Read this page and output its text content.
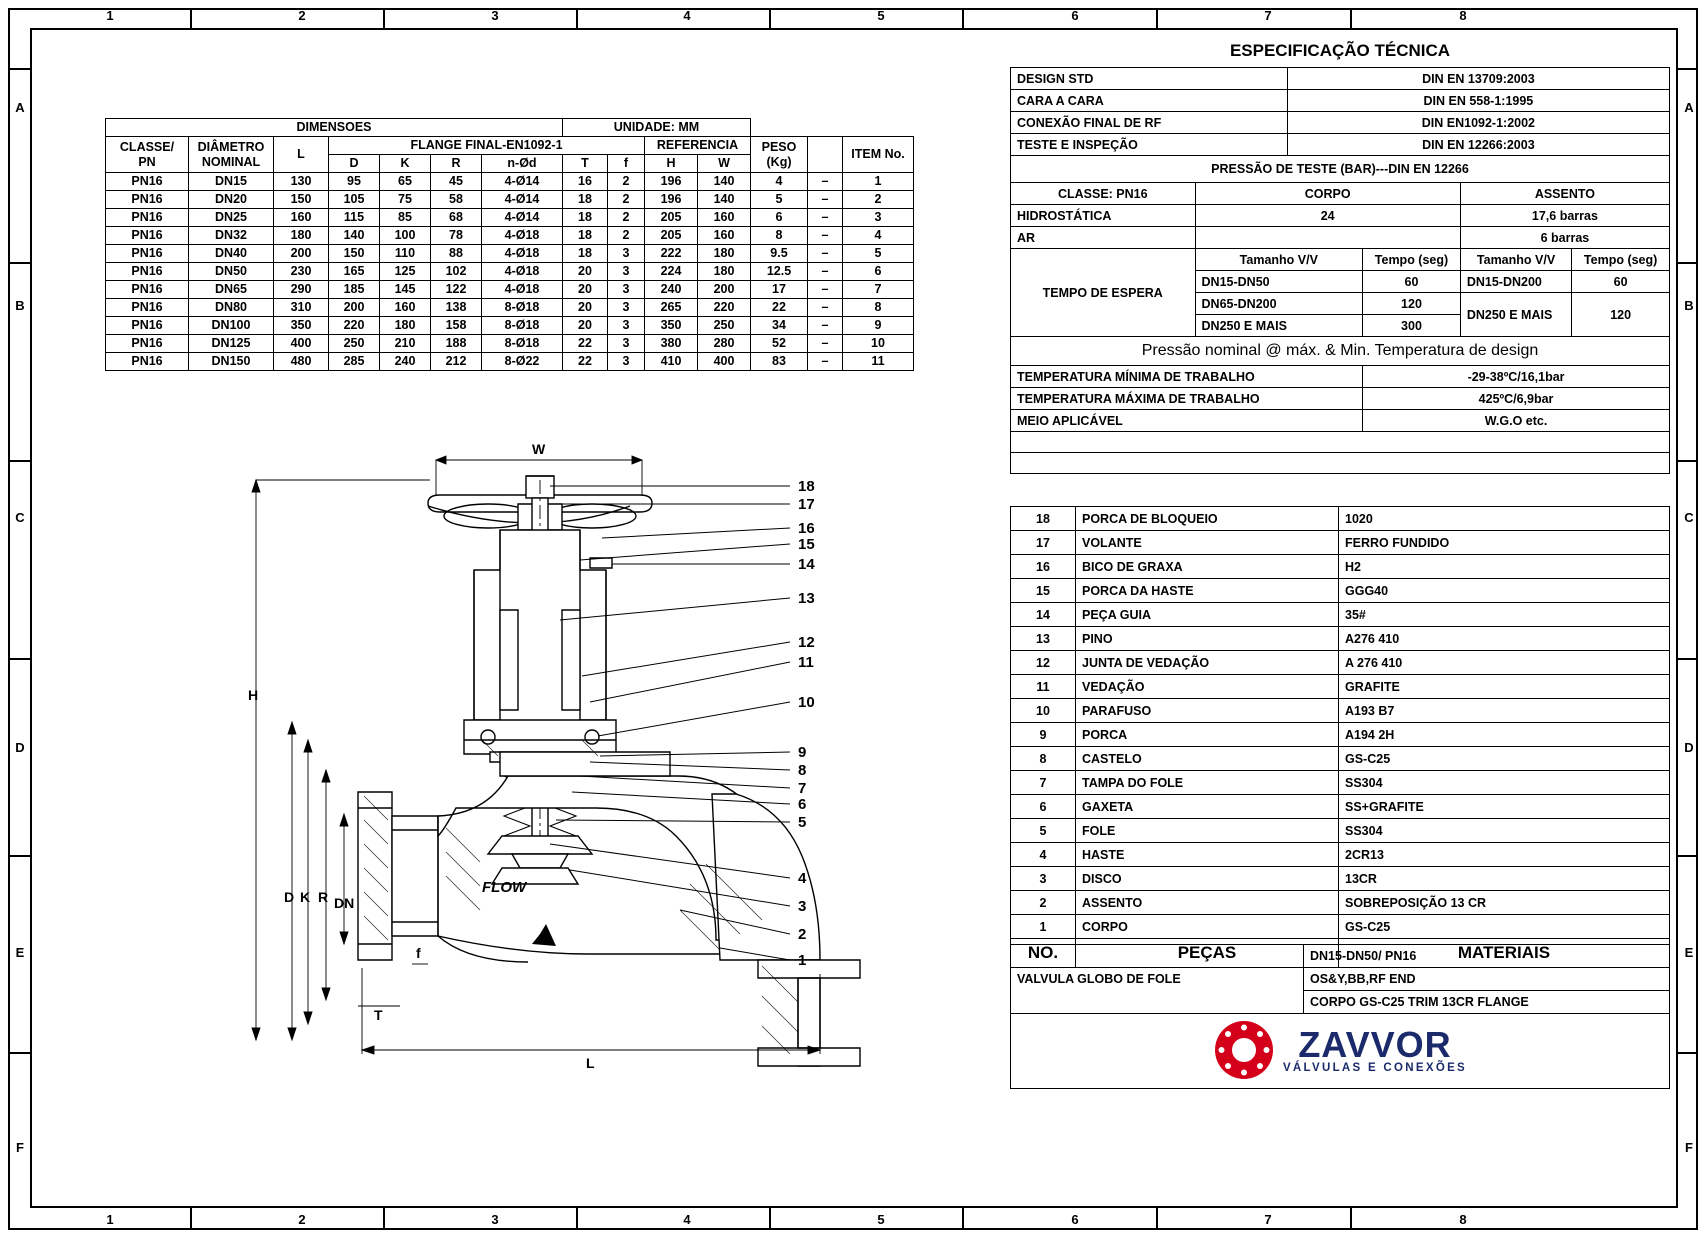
1	2	3	4	5	6	7	8
1	2	3	4	5	6	7	8
A
B
C
D
E
F
A
B
C
D
E
F
DIMENSOES							UNIDADE: MM						

CLASSE/
PN

DIÂMETRO
NOMINAL
	L	FLANGE FINAL-EN1092-1	REFERENCIA	PESO
(Kg)
		ITEM No.
			D	K	R	n-Ød	T	f	H	W			
PN16	DN15	130	95	65	45	4-Ø14	16	2	196	140	4	–	1
PN16	DN20	150	105	75	58	4-Ø14	18	2	196	140	5	–	2
PN16	DN25	160	115	85	68	4-Ø14	18	2	205	160	6	–	3
PN16	DN32	180	140	100	78	4-Ø18	18	2	205	160	8	–	4
PN16	DN40	200	150	110	88	4-Ø18	18	3	222	180	9.5	–	5
PN16	DN50	230	165	125	102	4-Ø18	20	3	224	180	12.5	–	6
PN16	DN65	290	185	145	122	4-Ø18	20	3	240	200	17	–	7
PN16	DN80	310	200	160	138	8-Ø18	20	3	265	220	22	–	8
PN16	DN100	350	220	180	158	8-Ø18	20	3	350	250	34	–	9
PN16	DN125	400	250	210	188	8-Ø18	22	3	380	280	52	–	10
PN16	DN150	480	285	240	212	8-Ø22	22	3	410	400	83	–	11
ESPECIFICAÇÃO TÉCNICA
DESIGN STD	DIN EN 13709:2003
CARA A CARA	DIN EN 558-1:1995
CONEXÃO FINAL DE RF	DIN EN1092-1:2002
TESTE E INSPEÇÃO	DIN EN 12266:2003
PRESSÃO DE TESTE (BAR)---DIN EN 12266				
CLASSE: PN16	CORPO		ASSENTO	
HIDROSTÁTICA	24		17,6 barras	
AR			6 barras	
TEMPO DE ESPERA	Tamanho V/V	Tempo (seg)	Tamanho V/V	Tempo (seg)
	DN15-DN50	60	DN15-DN200	60
	DN65-DN200	120	DN250 E MAIS	120
	DN250 E MAIS	300		
Pressão nominal @ máx. & Min. Temperatura de design				
TEMPERATURA MÍNIMA DE TRABALHO		-29-38ºC/16,1bar		
TEMPERATURA MÁXIMA DE TRABALHO		425ºC/6,9bar		
MEIO APLICÁVEL		W.G.O etc.		

18	PORCA DE BLOQUEIO	1020
17	VOLANTE	FERRO FUNDIDO
16	BICO DE GRAXA	H2
15	PORCA DA HASTE	GGG40
14	PEÇA GUIA	35#
13	PINO	A276 410
12	JUNTA DE VEDAÇÃO	A 276 410
11	VEDAÇÃO	GRAFITE
10	PARAFUSO	A193 B7
9	PORCA	A194 2H
8	CASTELO	GS-C25
7	TAMPA DO FOLE	SS304
6	GAXETA	SS+GRAFITE
5	FOLE	SS304
4	HASTE	2CR13
3	DISCO	13CR
2	ASSENTO	SOBREPOSIÇÃO 13 CR
1	CORPO	GS-C25
NO.	PEÇAS	MATERIAIS
VALVULA GLOBO DE FOLE	DN15-DN50/ PN16
OS&Y,BB,RF END
CORPO GS-C25 TRIM 13CR FLANGE

ZAVVOR
VÁLVULAS E CONEXÕES
18
17
16
15
14
13
12
11
10
9
8
7
6
5
4
3
2
1
W
H
D K R DN
L
T
f
FLOW
